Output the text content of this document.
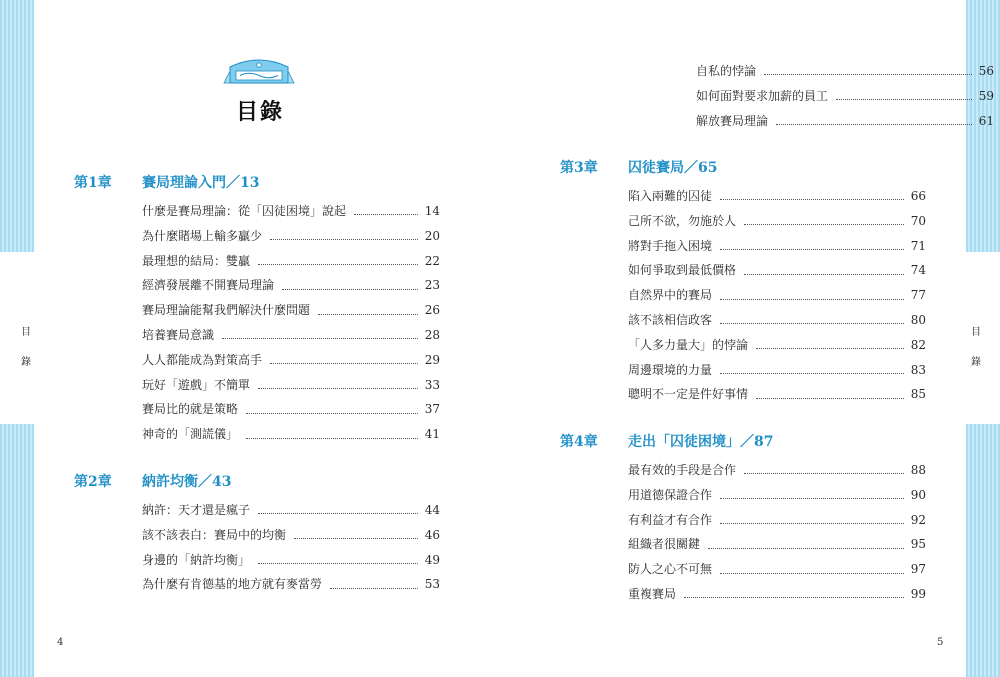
目
錄
目
錄
4	5
目錄
第1章 賽局理論入門／13
什麼是賽局理論：從「囚徒困境」說起	14
為什麼賭場上輸多贏少	20
最理想的結局：雙贏	22
經濟發展離不開賽局理論	23
賽局理論能幫我們解決什麼問題	26
培養賽局意識	28
人人都能成為對策高手	29
玩好「遊戲」不簡單	33
賽局比的就是策略	37
神奇的「測謊儀」	41
第2章 納許均衡／43
納許：天才還是瘋子	44
該不該表白：賽局中的均衡	46
身邊的「納許均衡」	49
為什麼有肯德基的地方就有麥當勞	53
自私的悖論	56
如何面對要求加薪的員工	59
解放賽局理論	61
第3章 囚徒賽局／65
陷入兩難的囚徒	66
己所不欲，勿施於人	70
將對手拖入困境	71
如何爭取到最低價格	74
自然界中的賽局	77
該不該相信政客	80
「人多力量大」的悖論	82
周邊環境的力量	83
聰明不一定是件好事情	85
第4章 走出「囚徒困境」／87
最有效的手段是合作	88
用道德保證合作	90
有利益才有合作	92
組織者很關鍵	95
防人之心不可無	97
重複賽局	99
